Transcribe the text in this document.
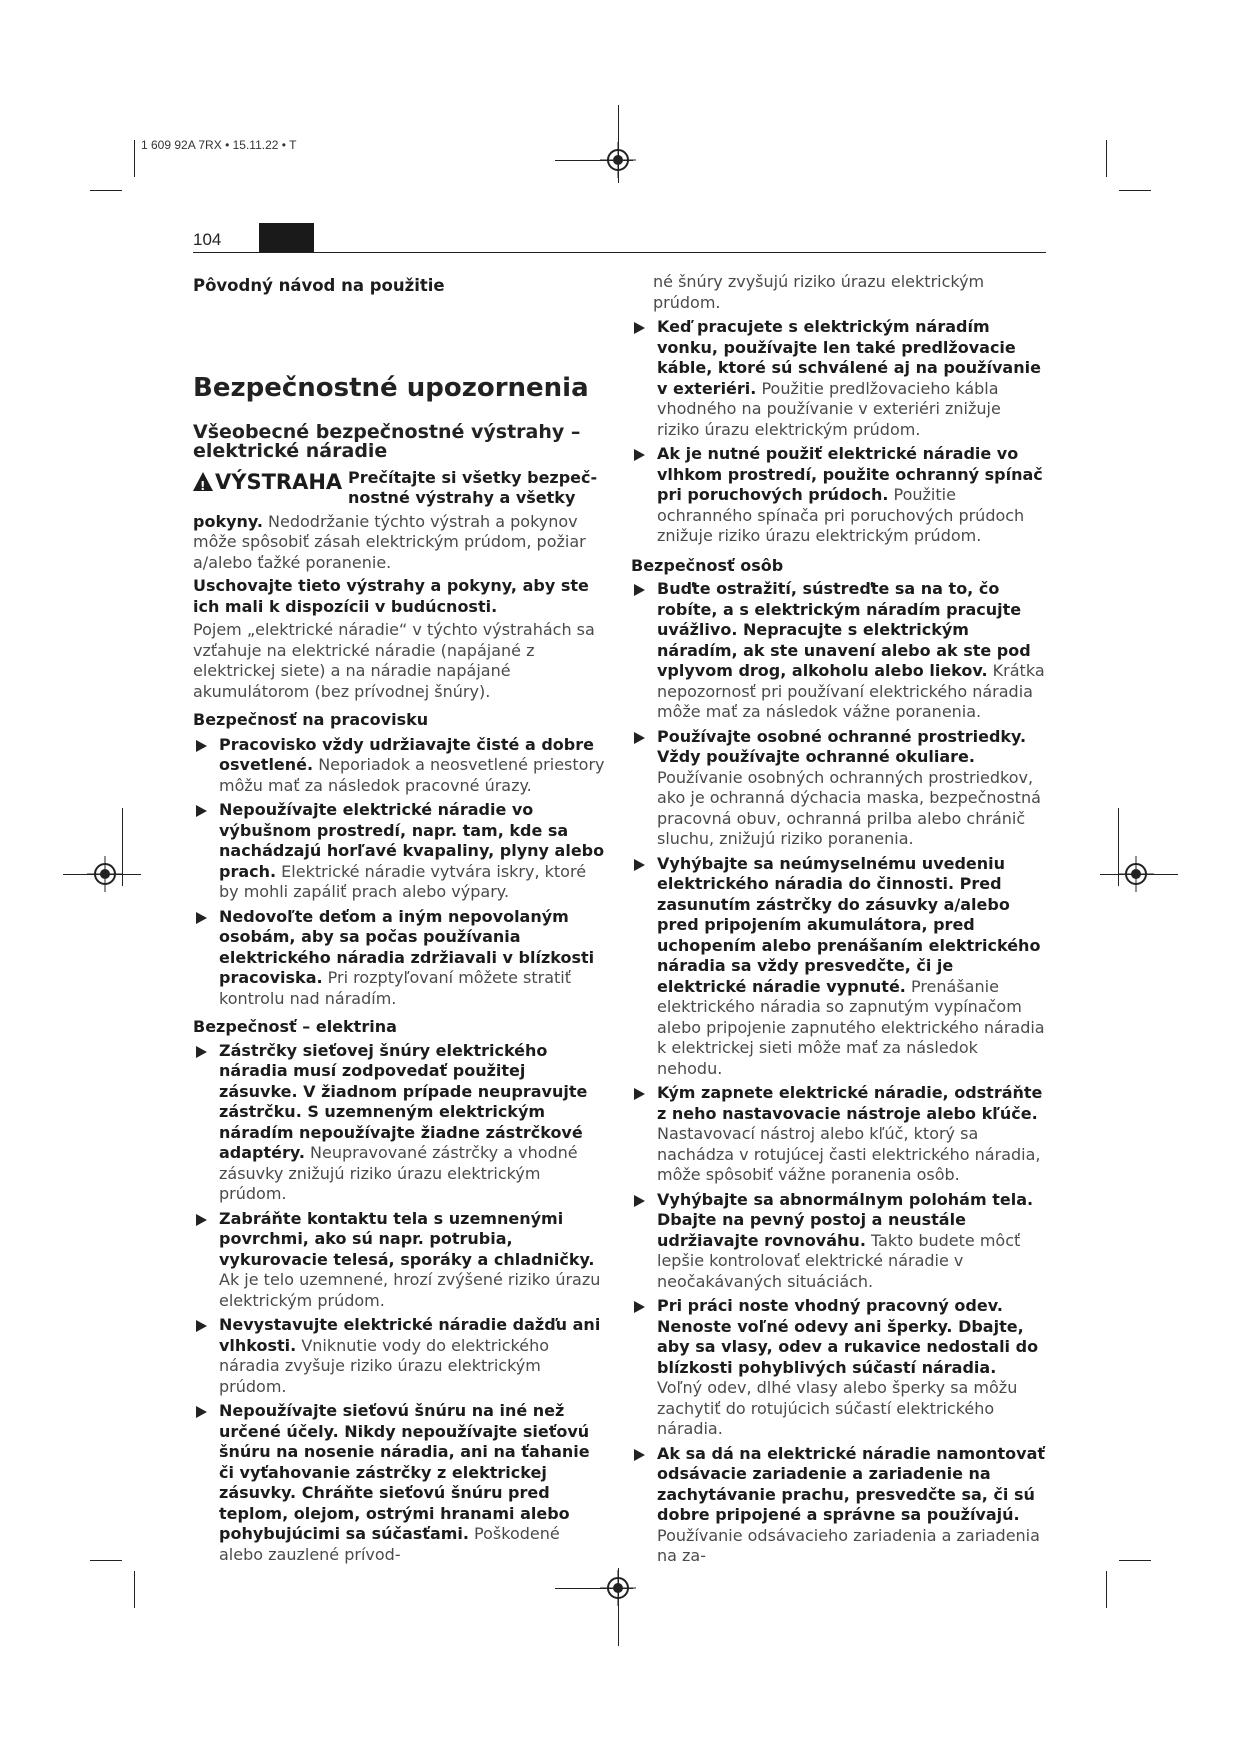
1 609 92A 7RX • 15.11.22 • T
104

Pôvodný návod na použitie

Bezpečnostné upozornenia
Všeobecné bezpečnostné výstrahy –
elektrické náradie
! VÝSTRAHA Prečítajte si všetky bezpeč-
nostné výstrahy a všetky

pokyny. Nedodržanie týchto výstrah a pokynov môže spôsobiť zásah elektrickým prúdom, požiar a/alebo ťažké poranenie.

Uschovajte tieto výstrahy a pokyny, aby ste ich mali k dispozícii v budúcnosti.

Pojem „elektrické náradie“ v týchto výstrahách sa vzťahuje na elektrické náradie (napájané z elektrickej siete) a na náradie napájané akumulátorom (bez prívodnej šnúry).

Bezpečnosť na pracovisku

Pracovisko vždy udržiavajte čisté a dobre osvetlené. Neporiadok a neosvetlené priestory môžu mať za následok pracovné úrazy.
Nepoužívajte elektrické náradie vo výbušnom prostredí, napr. tam, kde sa nachádzajú horľavé kvapaliny, plyny alebo prach. Elektrické náradie vytvára iskry, ktoré by mohli zapáliť prach alebo výpary.
Nedovoľte deťom a iným nepovolaným osobám, aby sa počas používania elektrického náradia zdržiavali v blízkosti pracoviska. Pri rozptyľovaní môžete stratiť kontrolu nad náradím.

Bezpečnosť – elektrina

Zástrčky sieťovej šnúry elektrického náradia musí zodpovedať použitej zásuvke. V žiadnom prípade neupravujte zástrčku. S uzemneným elektrickým náradím nepoužívajte žiadne zástrčkové adaptéry. Neupravované zástrčky a vhodné zásuvky znižujú riziko úrazu elektrickým prúdom.
Zabráňte kontaktu tela s uzemnenými povrchmi, ako sú napr. potrubia, vykurovacie telesá, sporáky a chladničky. Ak je telo uzemnené, hrozí zvýšené riziko úrazu elektrickým prúdom.
Nevystavujte elektrické náradie dažďu ani vlhkosti. Vniknutie vody do elektrického náradia zvyšuje riziko úrazu elektrickým prúdom.
Nepoužívajte sieťovú šnúru na iné než určené účely. Nikdy nepoužívajte sieťovú šnúru na nosenie náradia, ani na ťahanie či vyťahovanie zástrčky z elektrickej zásuvky. Chráňte sieťovú šnúru pred teplom, olejom, ostrými hranami alebo pohybujúcimi sa súčasťami. Poškodené alebo zauzlené prívod-

né šnúry zvyšujú riziko úrazu elektrickým prúdom.

Keď pracujete s elektrickým náradím vonku, používajte len také predlžovacie káble, ktoré sú schválené aj na používanie v exteriéri. Použitie predlžovacieho kábla vhodného na používanie v exteriéri znižuje riziko úrazu elektrickým prúdom.
Ak je nutné použiť elektrické náradie vo vlhkom prostredí, použite ochranný spínač pri poruchových prúdoch. Použitie ochranného spínača pri poruchových prúdoch znižuje riziko úrazu elektrickým prúdom.

Bezpečnosť osôb

Buďte ostražití, sústreďte sa na to, čo robíte, a s elektrickým náradím pracujte uvážlivo. Nepracujte s elektrickým náradím, ak ste unavení alebo ak ste pod vplyvom drog, alkoholu alebo liekov. Krátka nepozornosť pri používaní elektrického náradia môže mať za následok vážne poranenia.
Používajte osobné ochranné prostriedky. Vždy používajte ochranné okuliare. Používanie osobných ochranných prostriedkov, ako je ochranná dýchacia maska, bezpečnostná pracovná obuv, ochranná prilba alebo chránič sluchu, znižujú riziko poranenia.
Vyhýbajte sa neúmyselnému uvedeniu elektrického náradia do činnosti. Pred zasunutím zástrčky do zásuvky a/alebo pred pripojením akumulátora, pred uchopením alebo prenášaním elektrického náradia sa vždy presvedčte, či je elektrické náradie vypnuté. Prenášanie elektrického náradia so zapnutým vypínačom alebo pripojenie zapnutého elektrického náradia k elektrickej sieti môže mať za následok nehodu.
Kým zapnete elektrické náradie, odstráňte z neho nastavovacie nástroje alebo kľúče. Nastavovací nástroj alebo kľúč, ktorý sa nachádza v rotujúcej časti elektrického náradia, môže spôsobiť vážne poranenia osôb.
Vyhýbajte sa abnormálnym polohám tela. Dbajte na pevný postoj a neustále udržiavajte rovnováhu. Takto budete môcť lepšie kontrolovať elektrické náradie v neočakávaných situáciách.
Pri práci noste vhodný pracovný odev. Nenoste voľné odevy ani šperky. Dbajte, aby sa vlasy, odev a rukavice nedostali do blízkosti pohyblivých súčastí náradia. Voľný odev, dlhé vlasy alebo šperky sa môžu zachytiť do rotujúcich súčastí elektrického náradia.
Ak sa dá na elektrické náradie namontovať odsávacie zariadenie a zariadenie na zachytávanie prachu, presvedčte sa, či sú dobre pripojené a správne sa používajú. Používanie odsávacieho zariadenia a zariadenia na za-
